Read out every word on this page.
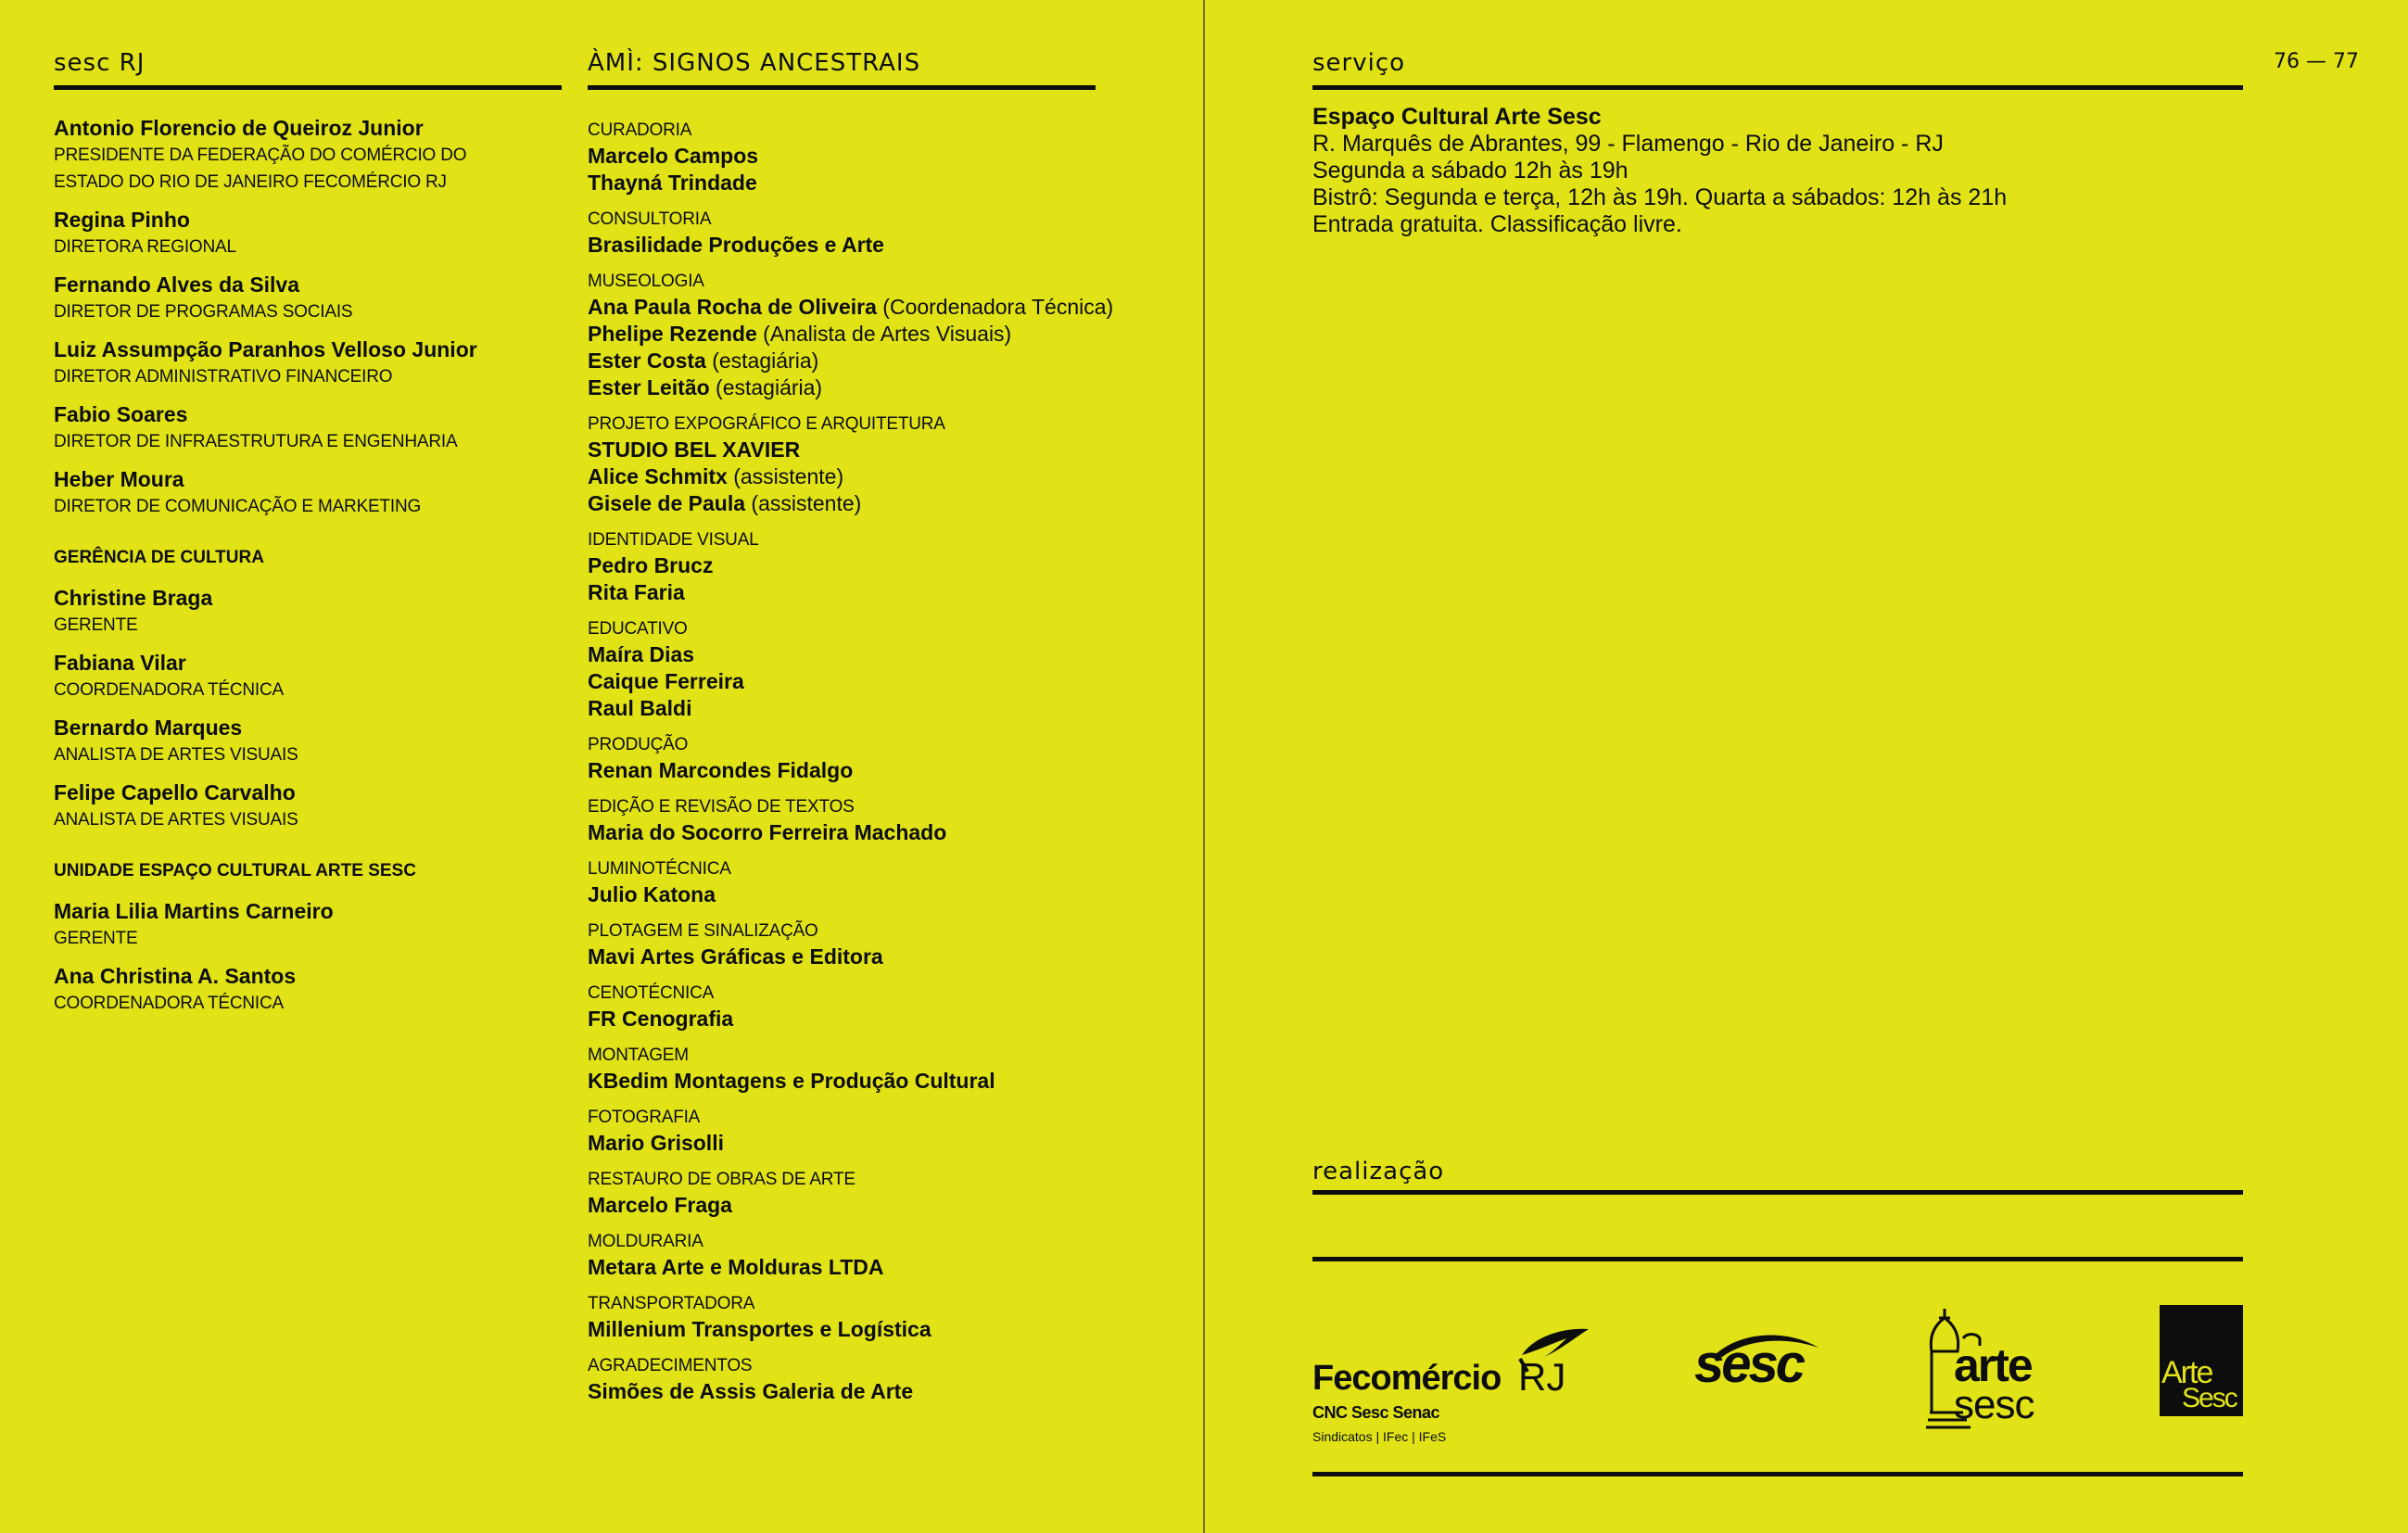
sesc RJ
Antonio Florencio de Queiroz Junior
PRESIDENTE DA FEDERAÇÃO DO COMÉRCIO DO
ESTADO DO RIO DE JANEIRO FECOMÉRCIO RJ
Regina Pinho
DIRETORA REGIONAL
Fernando Alves da Silva
DIRETOR DE PROGRAMAS SOCIAIS
Luiz Assumpção Paranhos Velloso Junior
DIRETOR ADMINISTRATIVO FINANCEIRO
Fabio Soares
DIRETOR DE INFRAESTRUTURA E ENGENHARIA
Heber Moura
DIRETOR DE COMUNICAÇÃO E MARKETING
GERÊNCIA DE CULTURA
Christine Braga
GERENTE
Fabiana Vilar
COORDENADORA TÉCNICA
Bernardo Marques
ANALISTA DE ARTES VISUAIS
Felipe Capello Carvalho
ANALISTA DE ARTES VISUAIS
UNIDADE ESPAÇO CULTURAL ARTE SESC
Maria Lilia Martins Carneiro
GERENTE
Ana Christina A. Santos
COORDENADORA TÉCNICA
ÀMÌ: SIGNOS ANCESTRAIS
CURADORIA
Marcelo Campos
Thayná Trindade
CONSULTORIA
Brasilidade Produções e Arte
MUSEOLOGIA
Ana Paula Rocha de Oliveira (Coordenadora Técnica)
Phelipe Rezende (Analista de Artes Visuais)
Ester Costa (estagiária)
Ester Leitão (estagiária)
PROJETO EXPOGRÁFICO E ARQUITETURA
STUDIO BEL XAVIER
Alice Schmitx (assistente)
Gisele de Paula (assistente)
IDENTIDADE VISUAL
Pedro Brucz
Rita Faria
EDUCATIVO
Maíra Dias
Caique Ferreira
Raul Baldi
PRODUÇÃO
Renan Marcondes Fidalgo
EDIÇÃO E REVISÃO DE TEXTOS
Maria do Socorro Ferreira Machado
LUMINOTÉCNICA
Julio Katona
PLOTAGEM E SINALIZAÇÃO
Mavi Artes Gráficas e Editora
CENOTÉCNICA
FR Cenografia
MONTAGEM
KBedim Montagens e Produção Cultural
FOTOGRAFIA
Mario Grisolli
RESTAURO DE OBRAS DE ARTE
Marcelo Fraga
MOLDURARIA
Metara Arte e Molduras LTDA
TRANSPORTADORA
Millenium Transportes e Logística
AGRADECIMENTOS
Simões de Assis Galeria de Arte
76 — 77
serviço
Espaço Cultural Arte Sesc
R. Marquês de Abrantes, 99 - Flamengo - Rio de Janeiro - RJ
Segunda a sábado 12h às 19h
Bistrô: Segunda e terça, 12h às 19h. Quarta a sábados: 12h às 21h
Entrada gratuita. Classificação livre.
realização
Fecomércio RJ
CNC Sesc Senac
Sindicatos | IFec | IFeS
sesc	arte
sesc
Arte
Sesc
